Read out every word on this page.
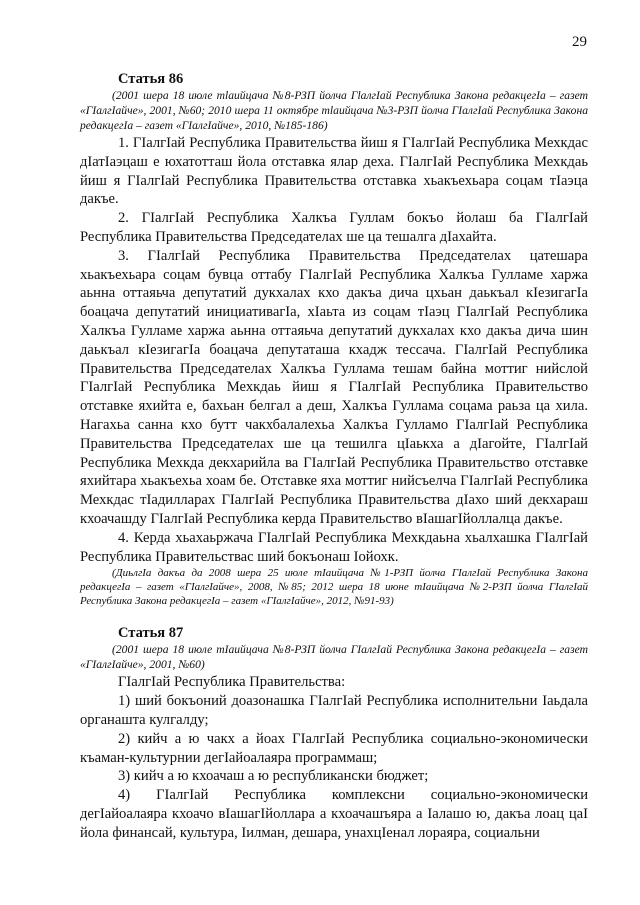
29
Статья 86

(2001 шера 18 июле тlаийцача №8-РЗП йолча ГlалгIай Республика Закона редакцегIа – газет «ГIалгIайче», 2001, №60; 2010 шера 11 октябре тlаийцача №3-РЗП йолча ГIалгIай Республика Закона редакцегIа – газет «ГIалгIайче», 2010, №185-186)

1. ГIалгIай Республика Правительства йиш я ГIалгIай Республика Мехкдас дIатIаэцаш е юхатотташ йола отставка ялар деха. ГIалгIай Республика Мехкдаь йиш я ГIалгIай Республика Правительства отставка хьакъехьара соцам тIаэца дакъе.

2. ГIалгIай Республика Халкъа Гуллам бокъо йолаш ба ГIалгIай Республика Правительства Председателах ше ца тешалга дIахайта.

3. ГIалгIай Республика Правительства Председателах цатешара хьакъехьара соцам бувца оттабу ГIалгIай Республика Халкъа Гулламе харжа аьнна оттаяьча депутатий дукхалах кхо дакъа дича цхьан даькъал кIезигагIа боацача депутатий инициативагIа, хIаьта из соцам тIаэц ГIалгIай Республика Халкъа Гулламе харжа аьнна оттаяьча депутатий дукхалах кхо дакъа дича шин даькъал кIезигагIа боацача депутаташа кхадж тессача. ГIалгIай Республика Правительства Председателах Халкъа Гуллама тешам байна моттиг нийслой ГIалгIай Республика Мехкдаь йиш я ГIалгIай Республика Правительство отставке яхийта е, бахьан белгал а деш, Халкъа Гуллама соцама раьза ца хила. Нагахьа санна кхо бутт чакхбалалехьа Халкъа Гулламо ГIалгIай Республика Правительства Председателах ше ца тешилга цIаькха а дIагойте, ГIалгIай Республика Мехкда декхарийла ва ГIалгIай Республика Правительство отставке яхийтара хьакъехьа хоам бе. Отставке яха моттиг нийсъелча ГIалгIай Республика Мехкдас тIадилларах ГIалгIай Республика Правительства дIахо ший декхараш кхоачашду ГIалгIай Республика керда Правительство вIашагIйоллалца дакъе.

4. Керда хьахаьржача ГIалгIай Республика Мехкдаьна хьалхашка ГIалгIай Республика Правительствас ший бокъонаш Iойохк.

(ДиьлгIа дакъа да 2008 шера 25 июле тIаийцача №1-РЗП йолча ГIалгIай Республика Закона редакцегIа – газет «ГIалгIайче», 2008, №85; 2012 шера 18 июне тIаийцача №2-РЗП йолча ГIалгIай Республика Закона редакцегIа – газет «ГIалгIайче», 2012, №91-93)

Статья 87

(2001 шера 18 июле тIаийцача №8-РЗП йолча ГIалгIай Республика Закона редакцегIа – газет «ГIалгIайче», 2001, №60)

ГIалгIай Республика Правительства:

1) ший бокъоний доазонашка ГIалгIай Республика исполнительни Iаьдала органашта кулгалду;

2) кийч а ю чакх а йоах ГIалгIай Республика социально-экономически къаман-культурнии дегIайоалаяра программаш;

3) кийч а ю кхоачаш а ю республикански бюджет;

4) ГIалгIай Республика комплексни социально-экономически дегIайоалаяра кхоачо вIашагIйоллара а кхоачашъяра а Iалашо ю, дакъа лоац цаI йола финансай, культура, Iилман, дешара, унахцIенал лораяра, социальни
